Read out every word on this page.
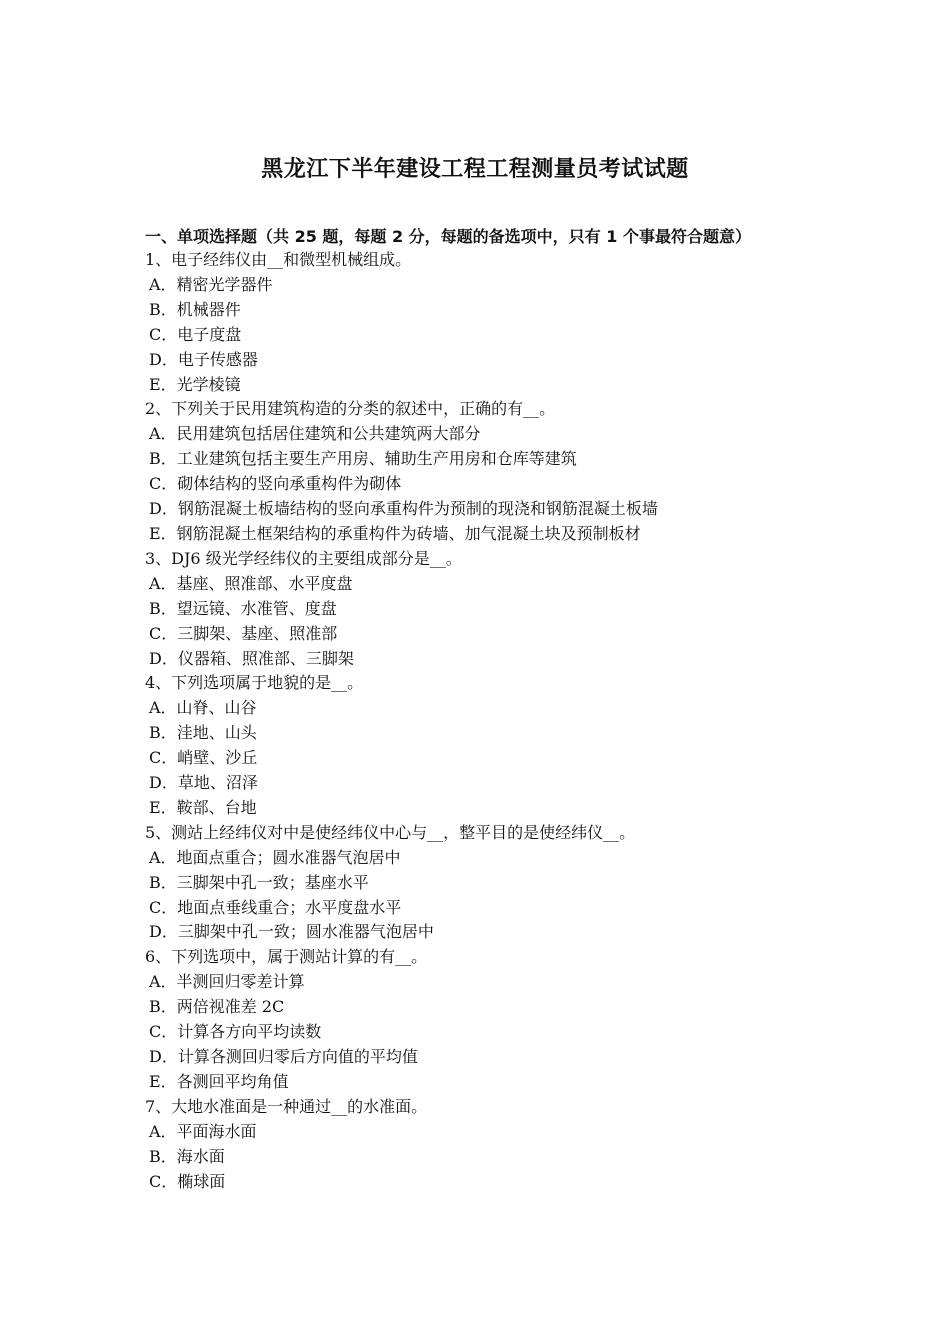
黑龙江下半年建设工程工程测量员考试试题
一、单项选择题（共 25 题，每题 2 分，每题的备选项中，只有 1 个事最符合题意）
1、电子经纬仪由__和微型机械组成。
A．精密光学器件
B．机械器件
C．电子度盘
D．电子传感器
E．光学棱镜
2、下列关于民用建筑构造的分类的叙述中，正确的有__。
A．民用建筑包括居住建筑和公共建筑两大部分
B．工业建筑包括主要生产用房、辅助生产用房和仓库等建筑
C．砌体结构的竖向承重构件为砌体
D．钢筋混凝土板墙结构的竖向承重构件为预制的现浇和钢筋混凝土板墙
E．钢筋混凝土框架结构的承重构件为砖墙、加气混凝土块及预制板材
3、DJ6 级光学经纬仪的主要组成部分是__。
A．基座、照准部、水平度盘
B．望远镜、水准管、度盘
C．三脚架、基座、照准部
D．仪器箱、照准部、三脚架
4、下列选项属于地貌的是__。
A．山脊、山谷
B．洼地、山头
C．峭壁、沙丘
D．草地、沼泽
E．鞍部、台地
5、测站上经纬仪对中是使经纬仪中心与__，整平目的是使经纬仪__。
A．地面点重合；圆水准器气泡居中
B．三脚架中孔一致；基座水平
C．地面点垂线重合；水平度盘水平
D．三脚架中孔一致；圆水准器气泡居中
6、下列选项中，属于测站计算的有__。
A．半测回归零差计算
B．两倍视准差 2C
C．计算各方向平均读数
D．计算各测回归零后方向值的平均值
E．各测回平均角值
7、大地水准面是一种通过__的水准面。
A．平面海水面
B．海水面
C．椭球面
